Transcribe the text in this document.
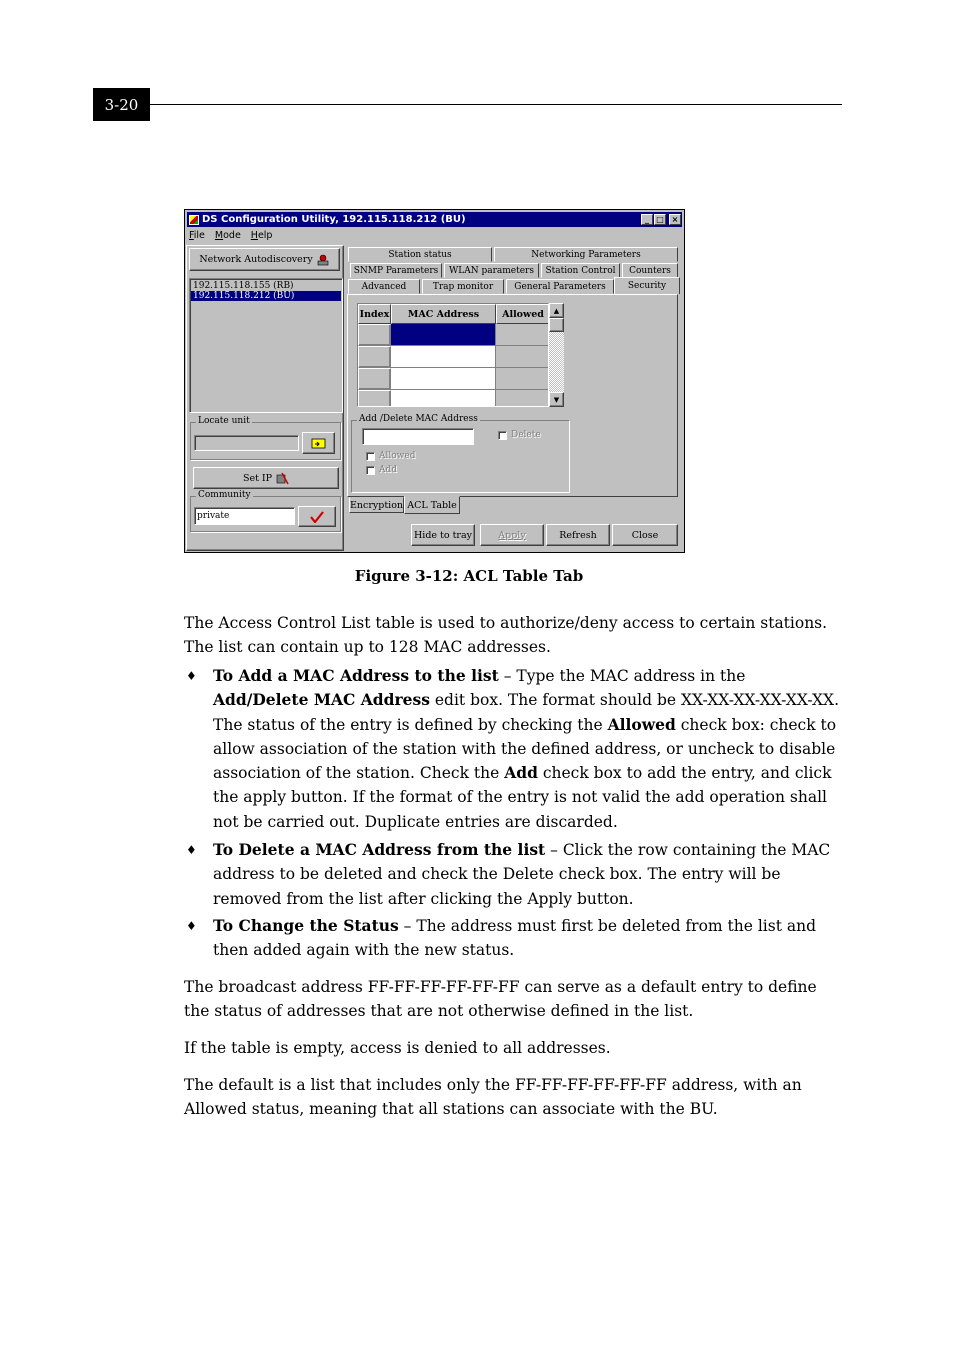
3-20
DS Configuration Utility, 192.115.118.212 (BU)	_ □ ×
File Mode Help
Network Autodiscovery
192.115.118.155 (RB)
192.115.118.212 (BU)
Locate unit
Set IP
Community
private
Station status	Networking Parameters
SNMP Parameters	WLAN parameters	Station Control	Counters
Advanced	Trap monitor	General Parameters	Security
Index	MAC Address	Allowed	▲
▼
Add /Delete MAC Address
Delete
Allowed
Add
Encryption ACL Table
Hide to tray	Apply	Refresh	Close
Figure 3-12: ACL Table Tab

The Access Control List table is used to authorize/deny access to certain stations. The list can contain up to 128 MAC addresses.

♦ To Add a MAC Address to the list – Type the MAC address in the Add/Delete MAC Address edit box. The format should be XX-XX-XX-XX-XX-XX. The status of the entry is defined by checking the Allowed check box: check to allow association of the station with the defined address, or uncheck to disable association of the station. Check the Add check box to add the entry, and click the apply button. If the format of the entry is not valid the add operation shall not be carried out. Duplicate entries are discarded.
♦ To Delete a MAC Address from the list – Click the row containing the MAC address to be deleted and check the Delete check box. The entry will be removed from the list after clicking the Apply button.
♦ To Change the Status – The address must first be deleted from the list and then added again with the new status.

The broadcast address FF-FF-FF-FF-FF-FF can serve as a default entry to define the status of addresses that are not otherwise defined in the list.

If the table is empty, access is denied to all addresses.

The default is a list that includes only the FF-FF-FF-FF-FF-FF address, with an Allowed status, meaning that all stations can associate with the BU.
